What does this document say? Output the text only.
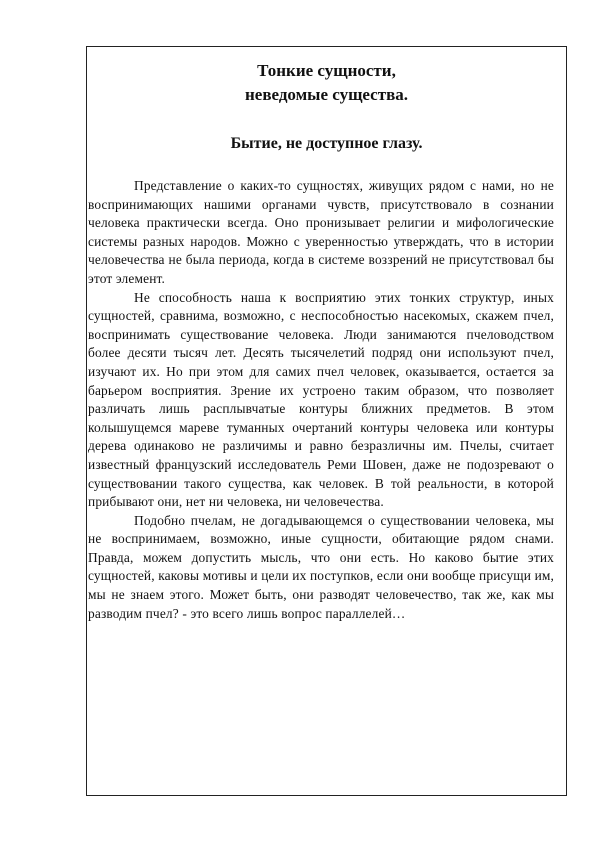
Тонкие сущности,
неведомые существа.
Бытие, не доступное глазу.

Представление о каких-то сущностях, живущих рядом с нами, но не воспринимающих нашими органами чувств, присутствовало в сознании человека практически всегда. Оно пронизывает религии и мифологические системы разных народов. Можно с уверенностью утверждать, что в истории человечества не была периода, когда в системе воззрений не присутствовал бы этот элемент.

Не способность наша к восприятию этих тонких структур, иных сущностей, сравнима, возможно, с неспособностью насекомых, скажем пчел, воспринимать существование человека. Люди занимаются пчеловодством более десяти тысяч лет. Десять тысячелетий подряд они используют пчел, изучают их. Но при этом для самих пчел человек, оказывается, остается за барьером восприятия. Зрение их устроено таким образом, что позволяет различать лишь расплывчатые контуры ближних предметов. В этом колышущемся мареве туманных очертаний контуры человека или контуры дерева одинаково не различимы и равно безразличны им. Пчелы, считает известный французский исследователь Реми Шовен, даже не подозревают о существовании такого существа, как человек. В той реальности, в которой прибывают они, нет ни человека, ни человечества.

Подобно пчелам, не догадывающемся о существовании человека, мы не воспринимаем, возможно, иные сущности, обитающие рядом снами. Правда, можем допустить мысль, что они есть. Но каково бытие этих сущностей, каковы мотивы и цели их поступков, если они вообще присущи им, мы не знаем этого. Может быть, они разводят человечество, так же, как мы разводим пчел? - это всего лишь вопрос параллелей…
